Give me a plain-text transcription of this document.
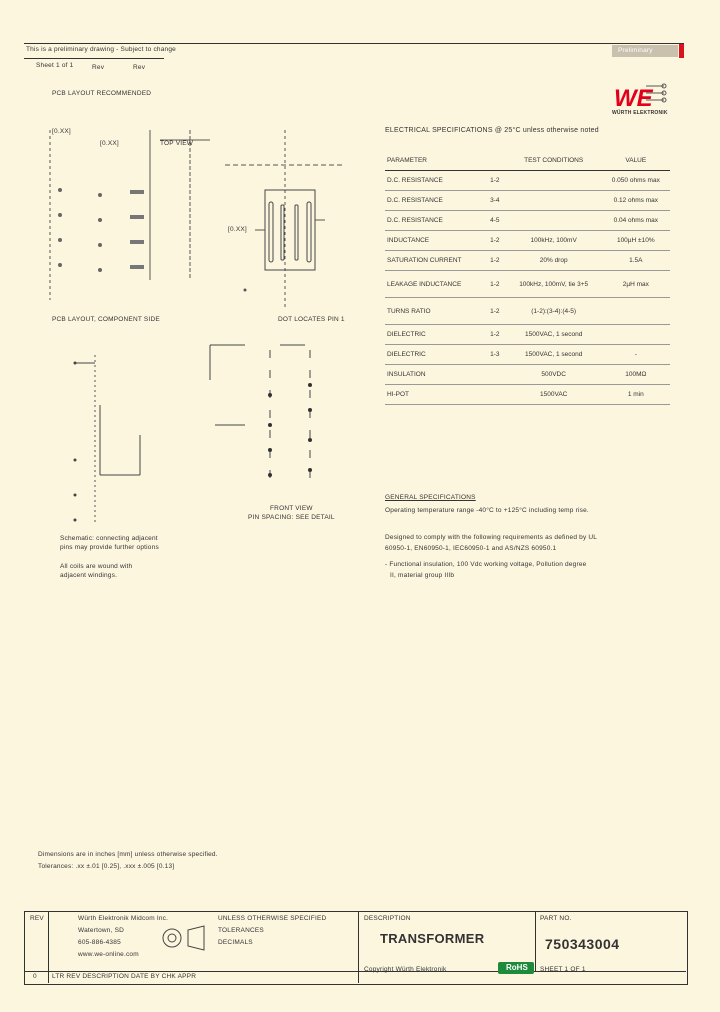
This is a preliminary drawing - Subject to change
Sheet 1 of 1	Rev	Rev
Preliminary
WE
WÜRTH ELEKTRONIK
PCB LAYOUT RECOMMENDED
[0.XX]
[0.XX]	TOP VIEW
PCB LAYOUT, COMPONENT SIDE
[0.XX]
DOT LOCATES PIN 1
Schematic: connecting adjacent
pins may provide further options
All coils are wound with
adjacent windings.
FRONT VIEW
PIN SPACING: SEE DETAIL
ELECTRICAL SPECIFICATIONS @ 25°C unless otherwise noted
PARAMETER		TEST CONDITIONS	VALUE
D.C. RESISTANCE	1-2		0.050 ohms max
D.C. RESISTANCE	3-4		0.12 ohms max
D.C. RESISTANCE	4-5		0.04 ohms max
INDUCTANCE	1-2	100kHz, 100mV	100µH ±10%
SATURATION CURRENT	1-2	20% drop	1.5A
LEAKAGE INDUCTANCE	1-2	100kHz, 100mV, tie 3+5	2µH max
TURNS RATIO	1-2	(1-2):(3-4):(4-5)	
DIELECTRIC	1-2	1500VAC, 1 second	
DIELECTRIC	1-3	1500VAC, 1 second	-
INSULATION		500VDC	100MΩ
HI-POT		1500VAC	1 min
GENERAL SPECIFICATIONS
Operating temperature range -40°C to +125°C including temp rise.
Designed to comply with the following requirements as defined by UL
60950-1, EN60950-1, IEC60950-1 and AS/NZS 60950.1
- Functional insulation, 100 Vdc working voltage, Pollution degree
II, material group IIIb
Dimensions are in inches [mm] unless otherwise specified.
Tolerances: .xx ±.01 [0.25], .xxx ±.005 [0.13]
REV
0
Würth Elektronik Midcom Inc.
Watertown, SD
605-886-4385
www.we-online.com
UNLESS OTHERWISE SPECIFIED
TOLERANCES
DECIMALS
LTR REV DESCRIPTION DATE BY CHK APPR
DESCRIPTION
TRANSFORMER
Copyright Würth Elektronik
PART NO.
750343004
RoHS SHEET 1 OF 1
